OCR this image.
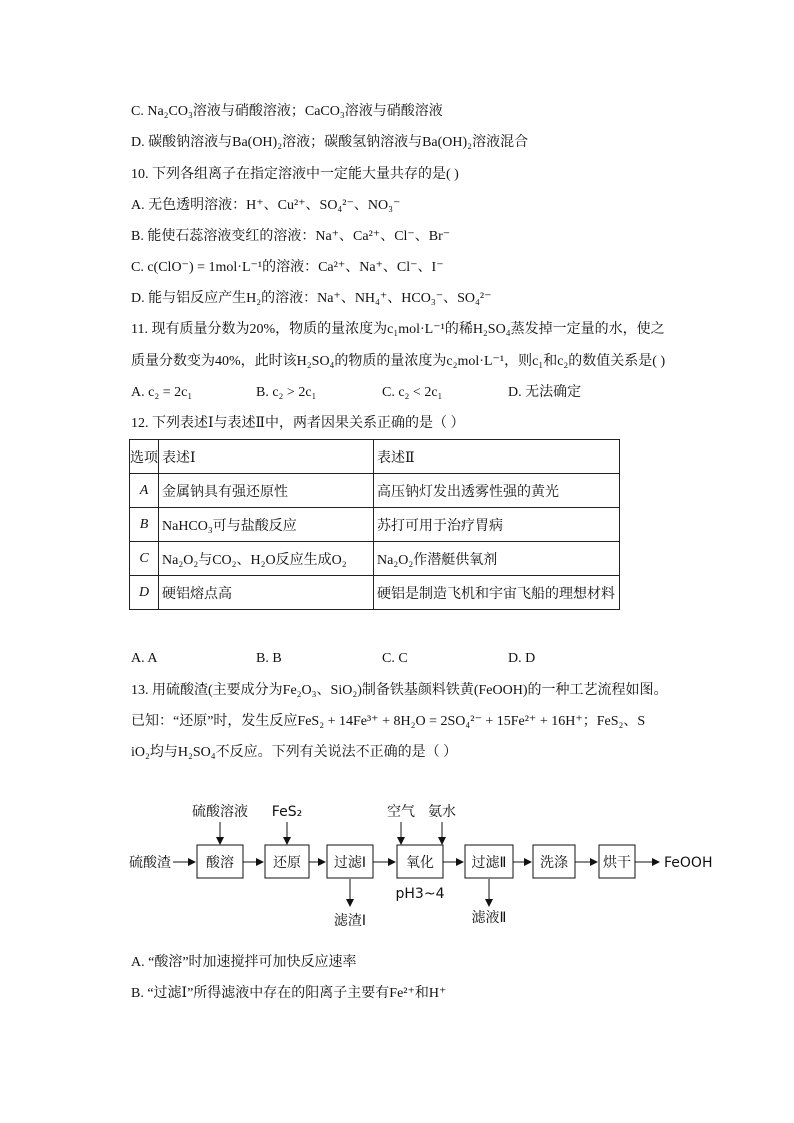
C. Na₂CO₃溶液与硝酸溶液；CaCO₃溶液与硝酸溶液
D. 碳酸钠溶液与Ba(OH)₂溶液；碳酸氢钠溶液与Ba(OH)₂溶液混合
10. 下列各组离子在指定溶液中一定能大量共存的是( )
A. 无色透明溶液：H⁺、Cu²⁺、SO₄²⁻、NO₃⁻
B. 能使石蕊溶液变红的溶液：Na⁺、Ca²⁺、Cl⁻、Br⁻
C. c(ClO⁻) = 1mol·L⁻¹的溶液：Ca²⁺、Na⁺、Cl⁻、I⁻
D. 能与铝反应产生H₂的溶液：Na⁺、NH₄⁺、HCO₃⁻、SO₄²⁻
11. 现有质量分数为20%，物质的量浓度为c₁mol·L⁻¹的稀H₂SO₄蒸发掉一定量的水，使之
质量分数变为40%，此时该H₂SO₄的物质的量浓度为c₂mol·L⁻¹，则c₁和c₂的数值关系是( )
A. c₂ = 2c₁	B. c₂ > 2c₁	C. c₂ < 2c₁	D. 无法确定
12. 下列表述Ⅰ与表述Ⅱ中，两者因果关系正确的是（ ）
选项	表述Ⅰ	表述Ⅱ
A	金属钠具有强还原性	高压钠灯发出透雾性强的黄光
B	NaHCO₃可与盐酸反应	苏打可用于治疗胃病
C	Na₂O₂与CO₂、H₂O反应生成O₂	Na₂O₂作潜艇供氧剂
D	硬铝熔点高	硬铝是制造飞机和宇宙飞船的理想材料
A. A	B. B	C. C	D. D
13. 用硫酸渣(主要成分为Fe₂O₃、SiO₂)制备铁基颜料铁黄(FeOOH)的一种工艺流程如图。
已知：“还原”时，发生反应FeS₂ + 14Fe³⁺ + 8H₂O = 2SO₄²⁻ + 15Fe²⁺ + 16H⁺；FeS₂、S
iO₂均与H₂SO₄不反应。下列有关说法不正确的是（ ）
硫酸渣	酸溶	还原 过滤Ⅰ	氧化	过滤Ⅱ 洗涤	烘干 FeOOH
硫酸溶液 FeS₂	空气 氨水
pH3~4
滤渣Ⅰ	滤液Ⅱ
A. “酸溶”时加速搅拌可加快反应速率
B. “过滤Ⅰ”所得滤液中存在的阳离子主要有Fe²⁺和H⁺
